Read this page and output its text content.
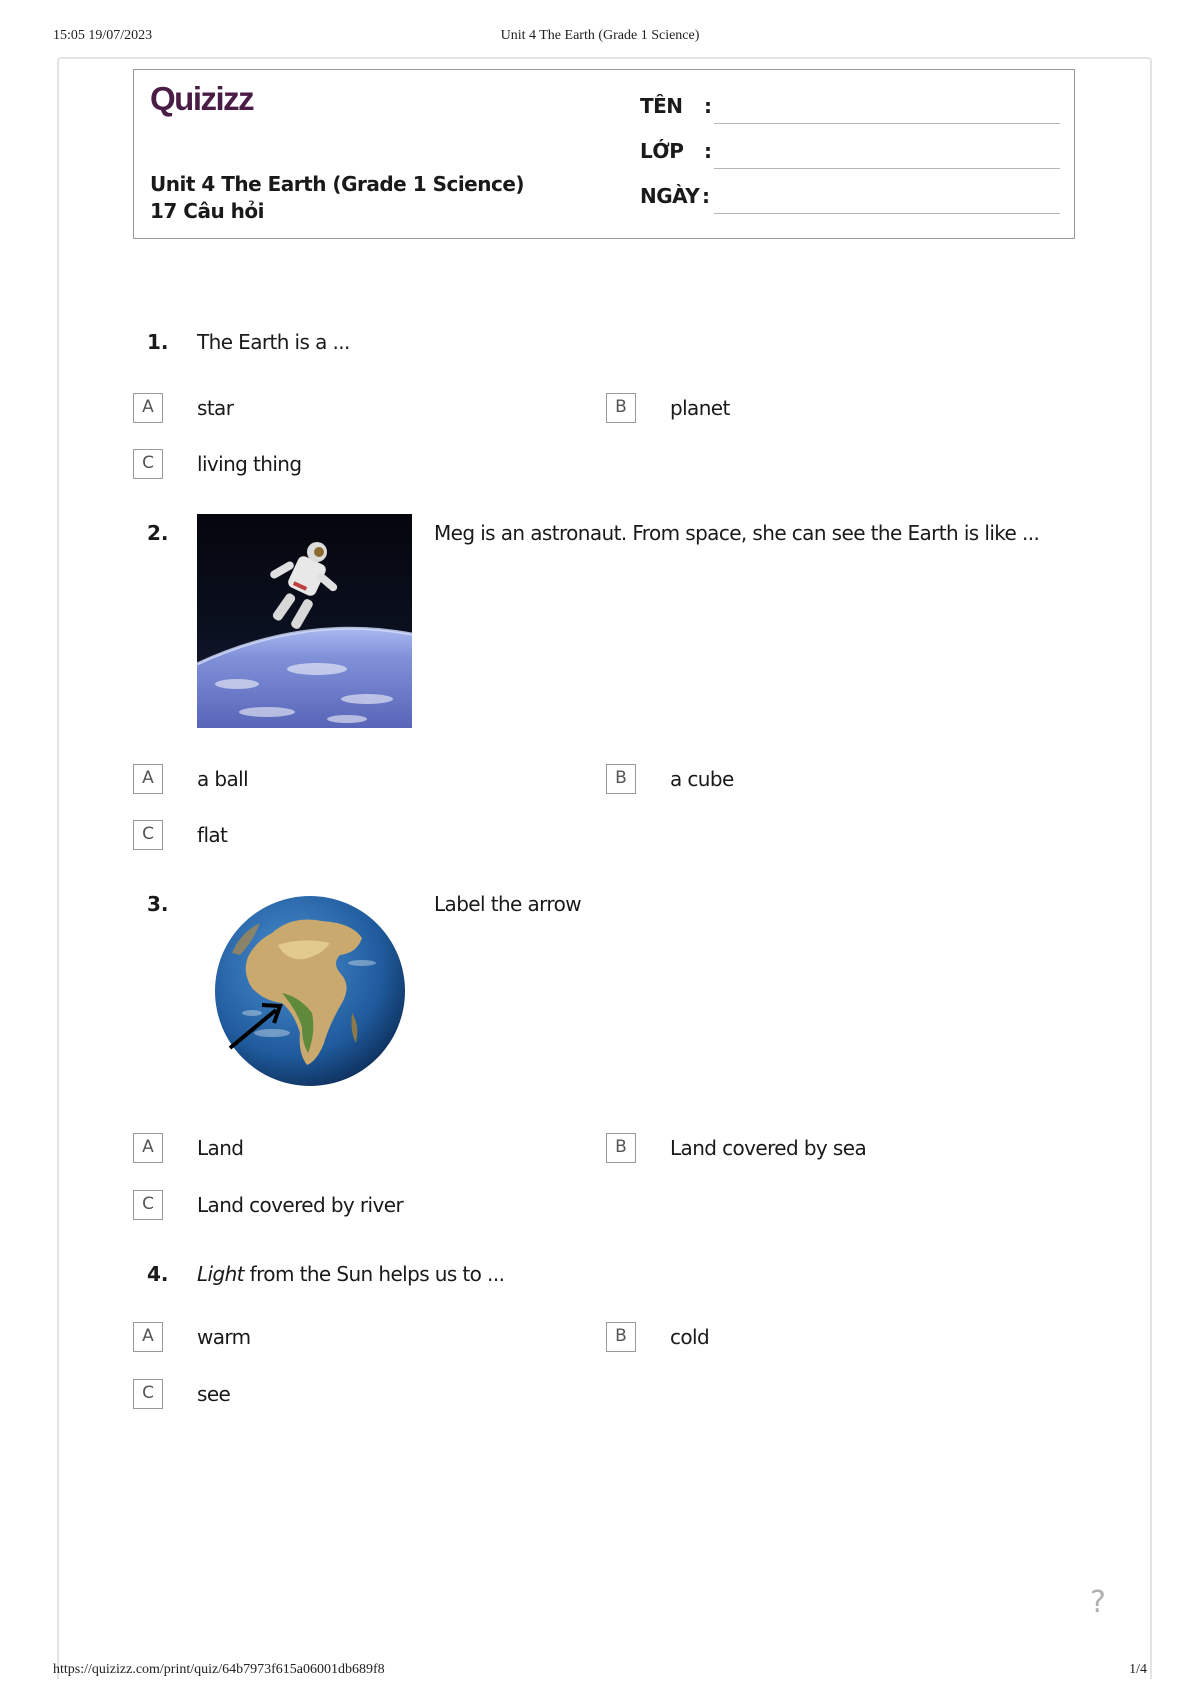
15:05 19/07/2023	Unit 4 The Earth (Grade 1 Science)
Quizizz
Unit 4 The Earth (Grade 1 Science)
17 Câu hỏi
TÊN :
LỚP :
NGÀY :
1. The Earth is a ...
A	star	B	planet
C	living thing
2.	Meg is an astronaut. From space, she can see the Earth is like ...
A	a ball	B	a cube
C	flat
3.	Label the arrow
A	Land	B	Land covered by sea
C	Land covered by river
4. Light from the Sun helps us to ...
A	warm	B	cold
C	see
?
https://quizizz.com/print/quiz/64b7973f615a06001db689f8	1/4
